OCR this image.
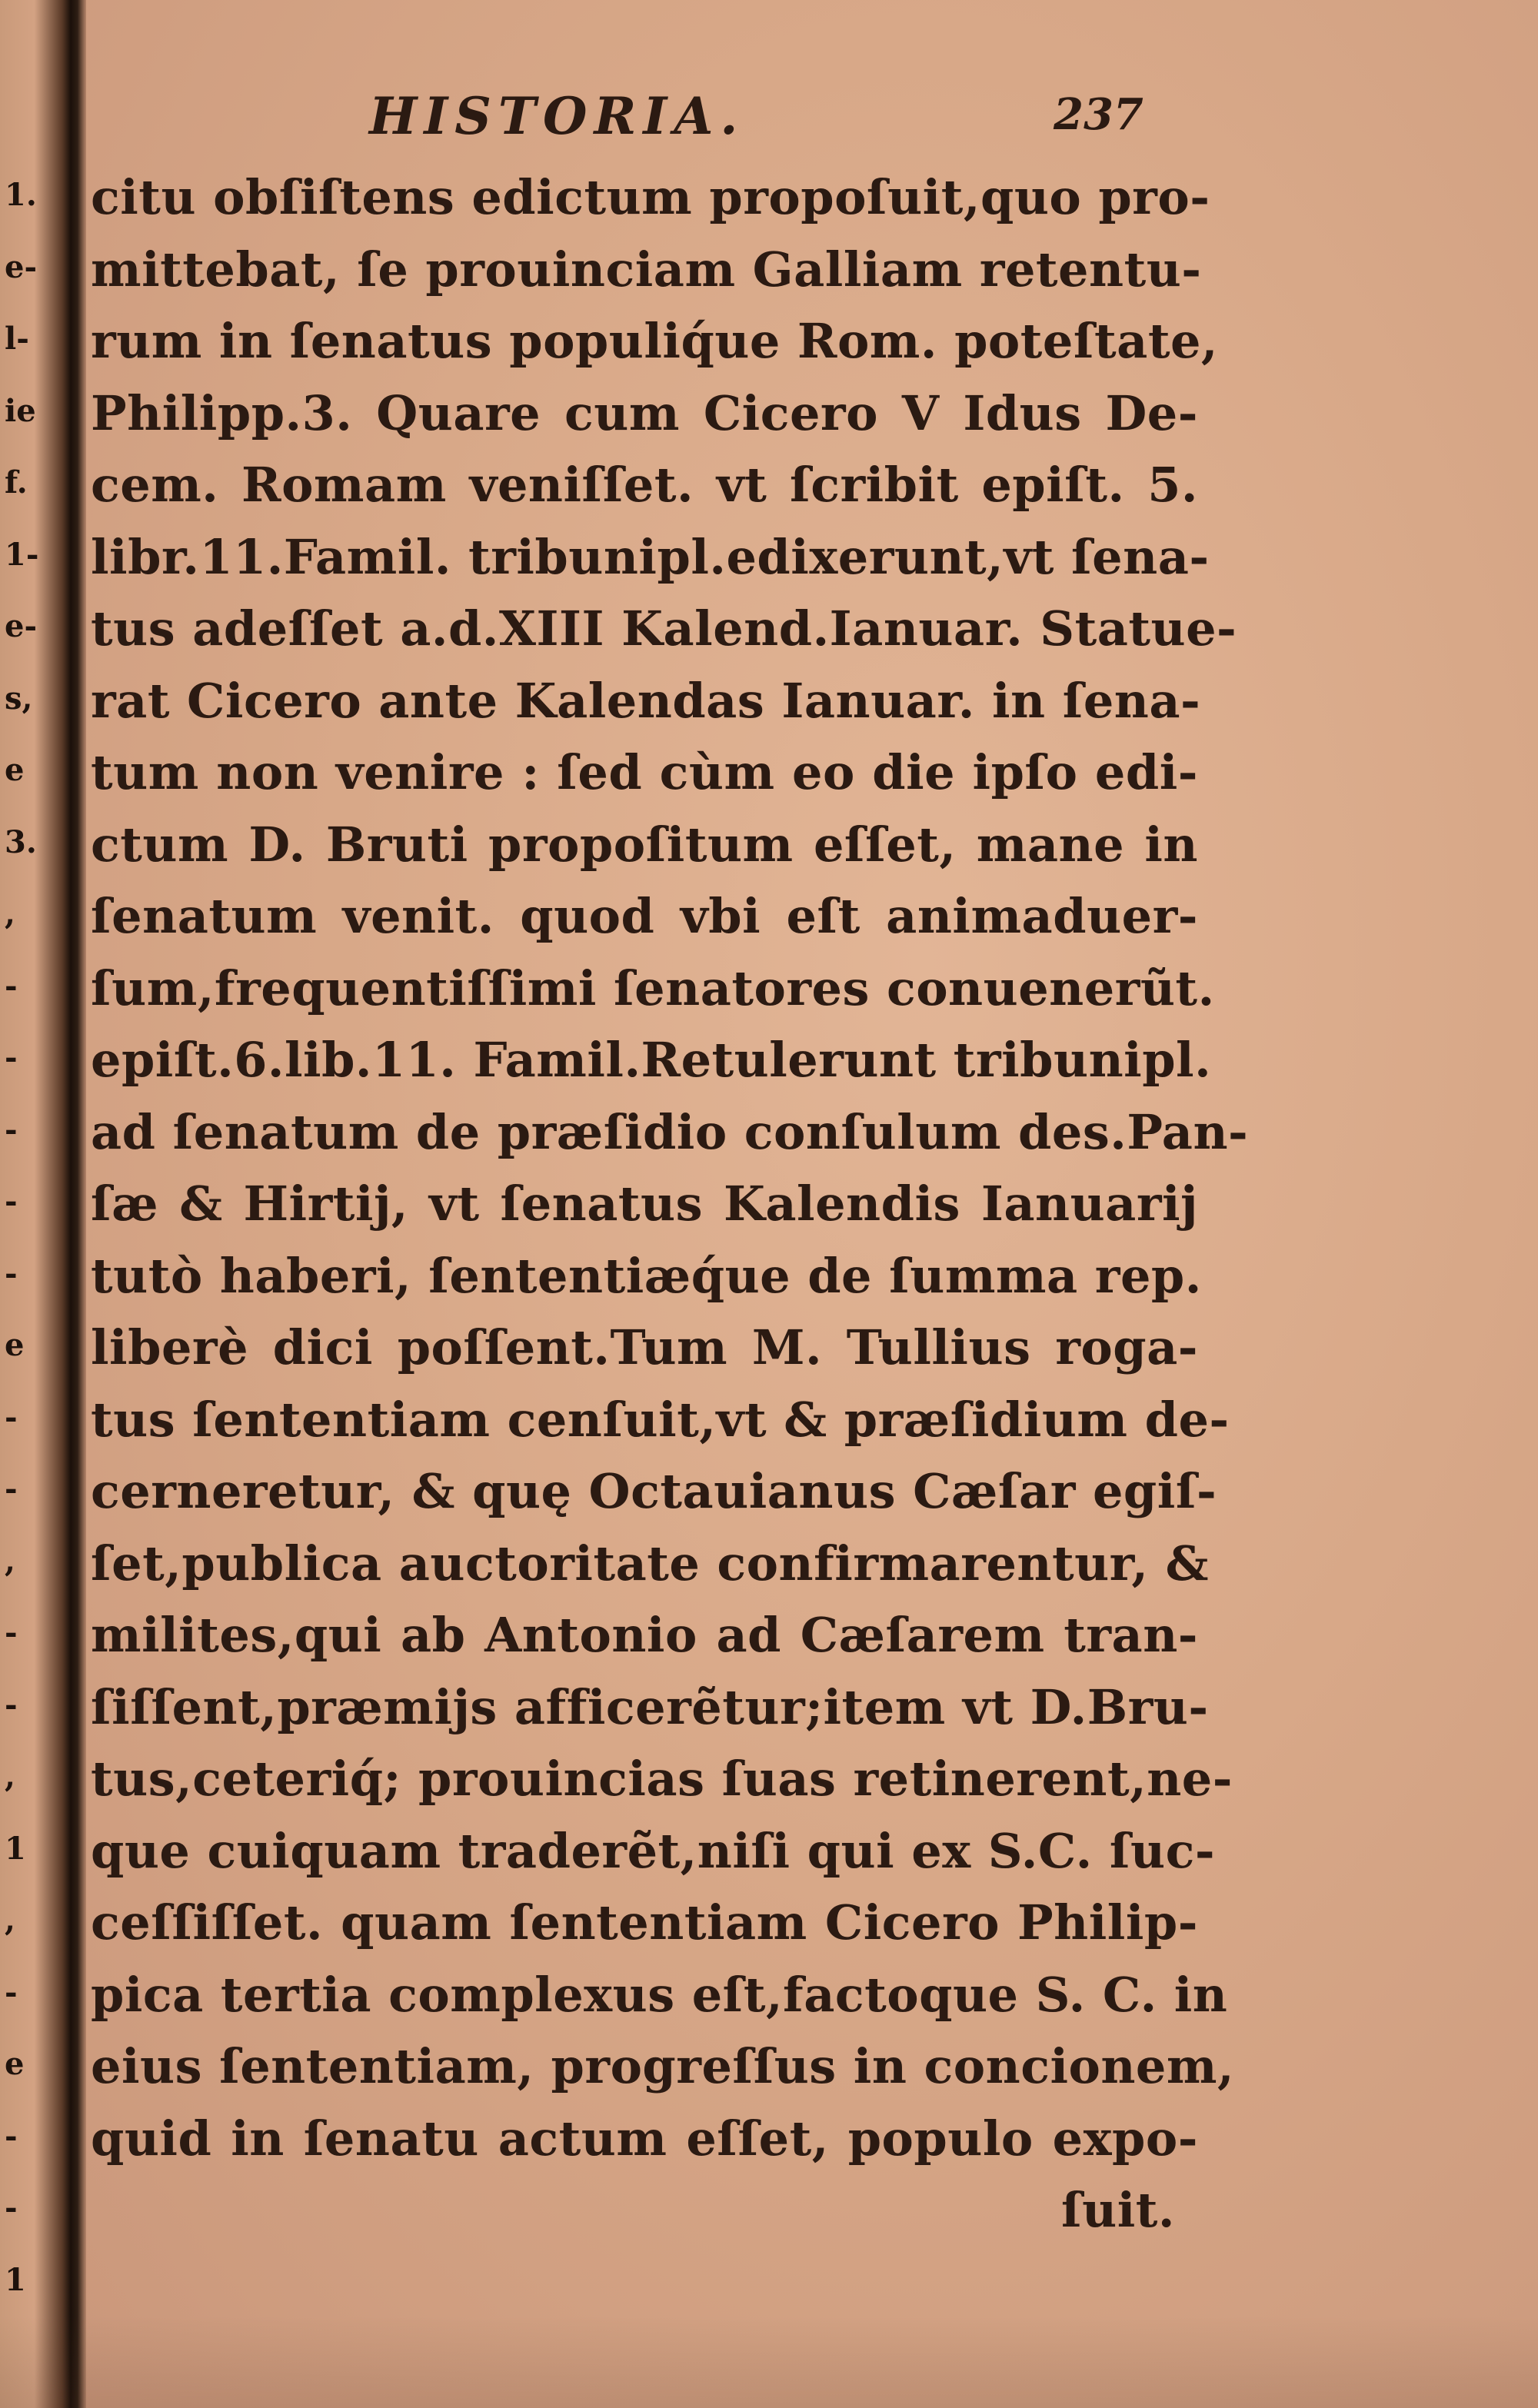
1.
e-
l-
ie
f.
1-
e-
s,
e
3.
,
-
-
-
-
-
e
-
-
,
-
-
,
1
,
-
e
-
-
1
HISTORIA.	237
citu obſiſtens edictum propoſuit,quo pro-
mittebat, ſe prouinciam Galliam retentu-
rum in ſenatus populiq́ue Rom. poteſtate,
Philipp.3. Quare cum Cicero V Idus De-
cem. Romam veniſſet. vt ſcribit epiſt. 5.
libr.11.Famil. tribunipl.edixerunt,vt ſena-
tus adeſſet a.d.XIII Kalend.Ianuar. Statue-
rat Cicero ante Kalendas Ianuar. in ſena-
tum non venire : ſed cùm eo die ipſo edi-
ctum D. Bruti propoſitum eſſet, mane in
ſenatum venit. quod vbi eſt animaduer-
ſum,frequentiſſimi ſenatores conuenerũt.
epiſt.6.lib.11. Famil.Retulerunt tribunipl.
ad ſenatum de præſidio conſulum des.Pan-
ſæ & Hirtij, vt ſenatus Kalendis Ianuarij
tutò haberi, ſententiæq́ue de ſumma rep.
liberè dici poſſent.Tum M. Tullius roga-
tus ſententiam cenſuit,vt & præſidium de-
cerneretur, & quę Octauianus Cæſar egiſ-
ſet,publica auctoritate confirmarentur, &
milites,qui ab Antonio ad Cæſarem tran-
ſiſſent,præmijs afficerẽtur;item vt D.Bru-
tus,ceteriq́; prouincias ſuas retinerent,ne-
que cuiquam traderẽt,niſi qui ex S.C. ſuc-
ceſſiſſet. quam ſententiam Cicero Philip-
pica tertia complexus eſt,factoque S. C. in
eius ſententiam, progreſſus in concionem,
quid in ſenatu actum eſſet, populo expo-
ſuit.
